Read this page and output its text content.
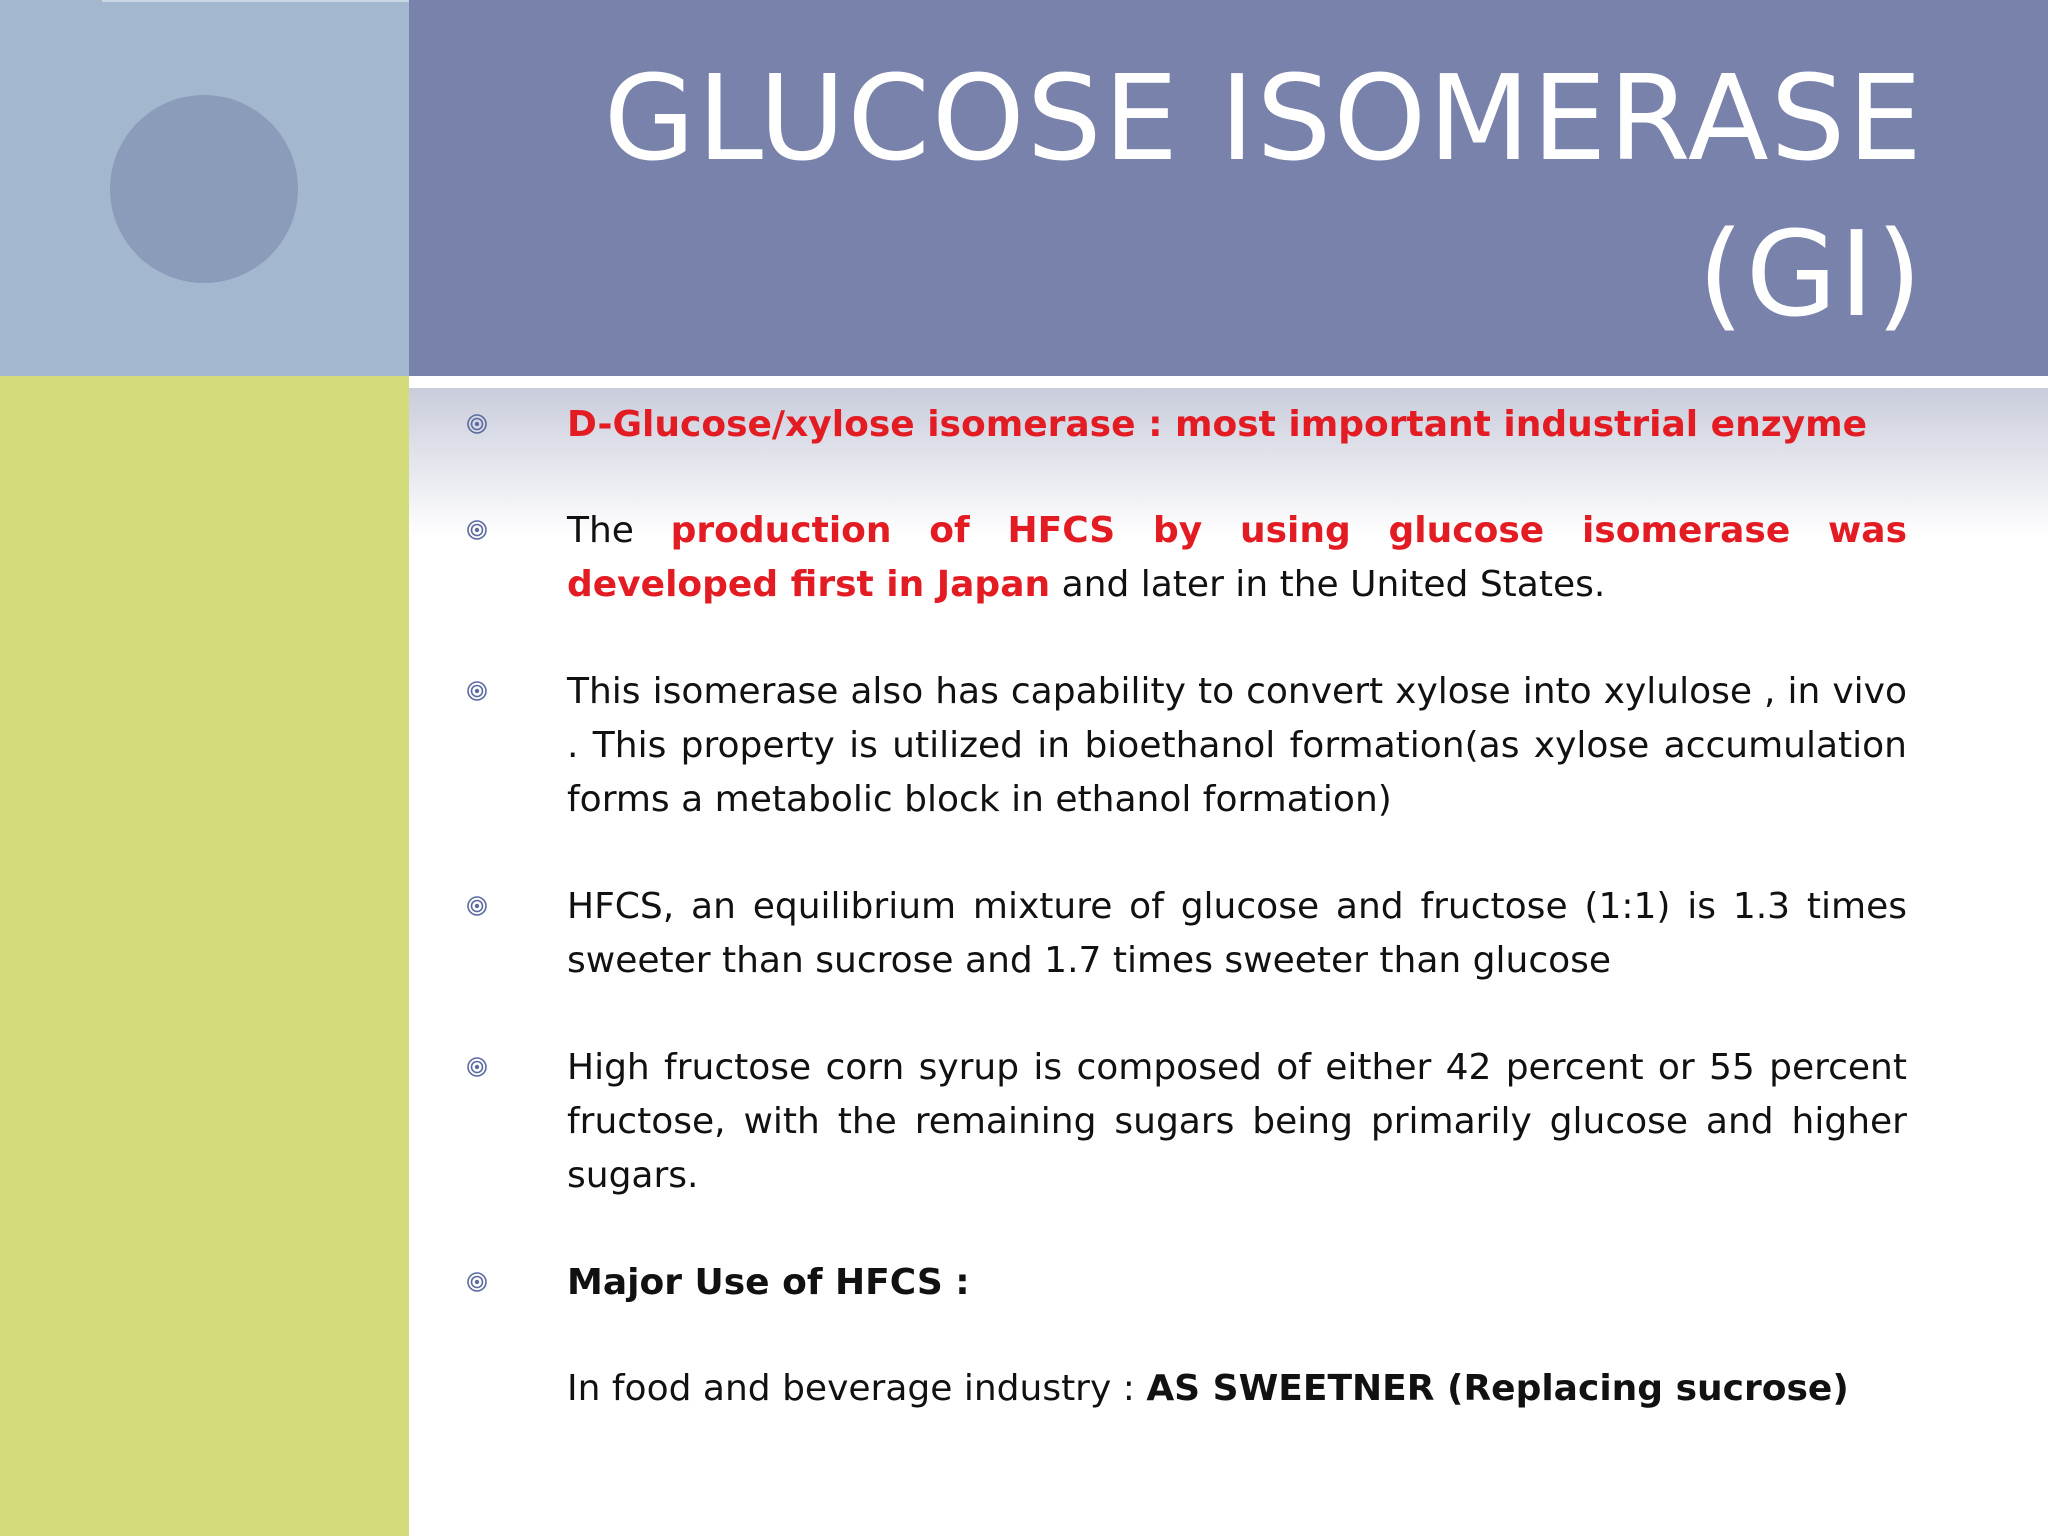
GLUCOSE ISOMERASE
(GI)
D-Glucose/xylose isomerase : most important industrial enzyme
The production of HFCS by using glucose isomerase was developed first in Japan and later in the United States.
This isomerase also has capability to convert xylose into xylulose , in vivo . This property is utilized in bioethanol formation(as xylose accumulation forms a metabolic block in ethanol formation)
HFCS, an equilibrium mixture of glucose and fructose (1:1) is 1.3 times sweeter than sucrose and 1.7 times sweeter than glucose
High fructose corn syrup is composed of either 42 percent or 55 percent fructose, with the remaining sugars being primarily glucose and higher sugars.
Major Use of HFCS :
In food and beverage industry : AS SWEETNER (Replacing sucrose)
